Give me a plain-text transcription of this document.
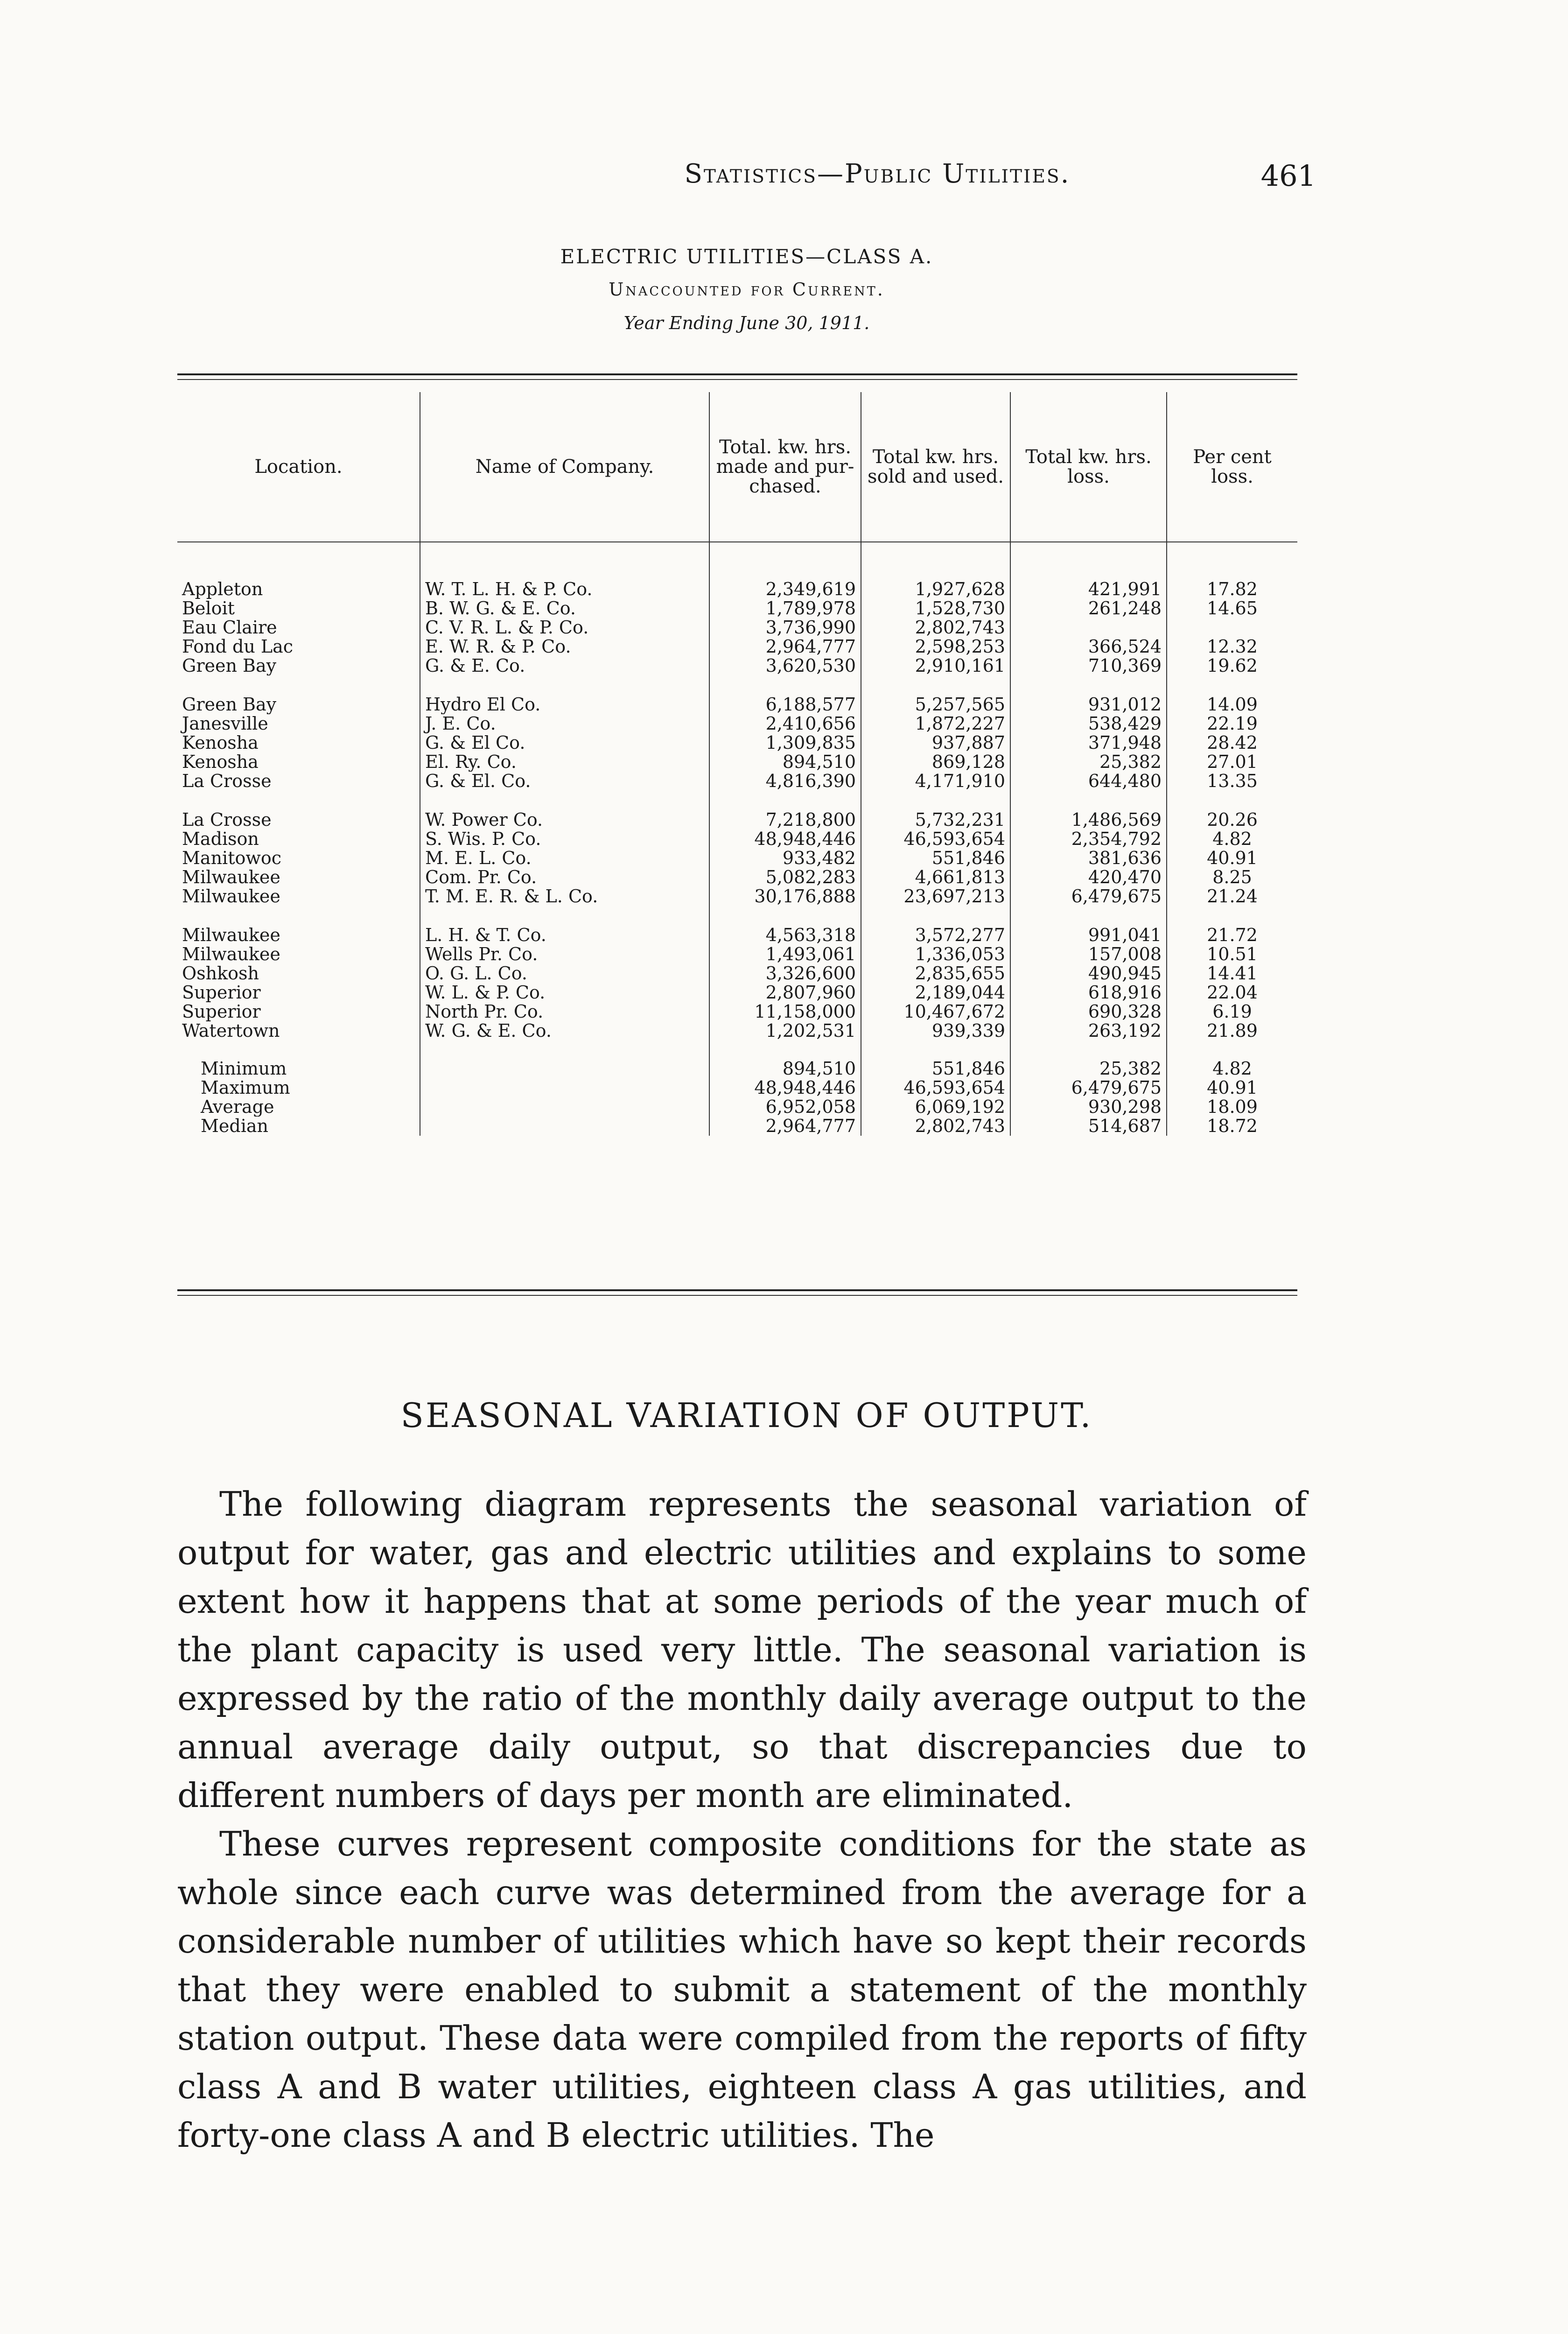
Statistics—Public Utilities.	461
ELECTRIC UTILITIES—CLASS A.
Unaccounted for Current.
Year Ending June 30, 1911.
Location.	Name of Company.	Total. kw. hrs. made and pur-chased.	Total kw. hrs. sold and used.	Total kw. hrs. loss.	Per cent loss.
Appleton	W. T. L. H. & P. Co.	2,349,619	1,927,628	421,991	17.82
Beloit	B. W. G. & E. Co.	1,789,978	1,528,730	261,248	14.65
Eau Claire	C. V. R. L. & P. Co.	3,736,990	2,802,743		
Fond du Lac	E. W. R. & P. Co.	2,964,777	2,598,253	366,524	12.32
Green Bay	G. & E. Co.	3,620,530	2,910,161	710,369	19.62
Green Bay	Hydro El Co.	6,188,577	5,257,565	931,012	14.09
Janesville	J. E. Co.	2,410,656	1,872,227	538,429	22.19
Kenosha	G. & El Co.	1,309,835	937,887	371,948	28.42
Kenosha	El. Ry. Co.	894,510	869,128	25,382	27.01
La Crosse	G. & El. Co.	4,816,390	4,171,910	644,480	13.35
La Crosse	W. Power Co.	7,218,800	5,732,231	1,486,569	20.26
Madison	S. Wis. P. Co.	48,948,446	46,593,654	2,354,792	4.82
Manitowoc	M. E. L. Co.	933,482	551,846	381,636	40.91
Milwaukee	Com. Pr. Co.	5,082,283	4,661,813	420,470	8.25
Milwaukee	T. M. E. R. & L. Co.	30,176,888	23,697,213	6,479,675	21.24
Milwaukee	L. H. & T. Co.	4,563,318	3,572,277	991,041	21.72
Milwaukee	Wells Pr. Co.	1,493,061	1,336,053	157,008	10.51
Oshkosh	O. G. L. Co.	3,326,600	2,835,655	490,945	14.41
Superior	W. L. & P. Co.	2,807,960	2,189,044	618,916	22.04
Superior	North Pr. Co.	11,158,000	10,467,672	690,328	6.19
Watertown	W. G. & E. Co.	1,202,531	939,339	263,192	21.89
Minimum		894,510	551,846	25,382	4.82
Maximum		48,948,446	46,593,654	6,479,675	40.91
Average		6,952,058	6,069,192	930,298	18.09
Median		2,964,777	2,802,743	514,687	18.72
SEASONAL VARIATION OF OUTPUT.

The following diagram represents the seasonal variation of output for water, gas and electric utilities and explains to some extent how it happens that at some periods of the year much of the plant capacity is used very little. The seasonal variation is expressed by the ratio of the monthly daily average output to the annual average daily output, so that discrepancies due to different numbers of days per month are eliminated.

These curves represent composite conditions for the state as whole since each curve was determined from the average for a considerable number of utilities which have so kept their records that they were enabled to submit a statement of the monthly station output. These data were compiled from the reports of fifty class A and B water utilities, eighteen class A gas utilities, and forty-one class A and B electric utilities. The
